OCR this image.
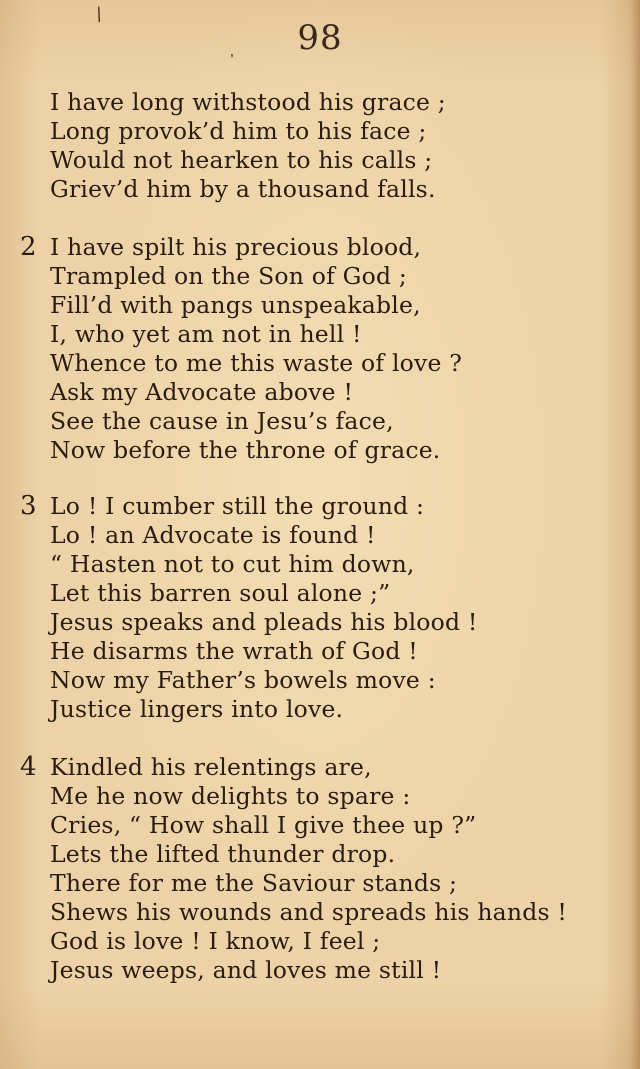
/
,	98
I have long withstood his grace ;
Long provok’d him to his face ;
Would not hearken to his calls ;
Griev’d him by a thousand falls.
2 I have spilt his precious blood,
Trampled on the Son of God ;
Fill’d with pangs unspeakable,
I, who yet am not in hell !
Whence to me this waste of love ?
Ask my Advocate above !
See the cause in Jesu’s face,
Now before the throne of grace.
3 Lo ! I cumber still the ground :
Lo ! an Advocate is found !
“ Hasten not to cut him down,
Let this barren soul alone ;”
Jesus speaks and pleads his blood !
He disarms the wrath of God !
Now my Father’s bowels move :
Justice lingers into love.
4 Kindled his relentings are,
Me he now delights to spare :
Cries, “ How shall I give thee up ?”
Lets the lifted thunder drop.
There for me the Saviour stands ;
Shews his wounds and spreads his hands !
God is love ! I know, I feel ;
Jesus weeps, and loves me still !
